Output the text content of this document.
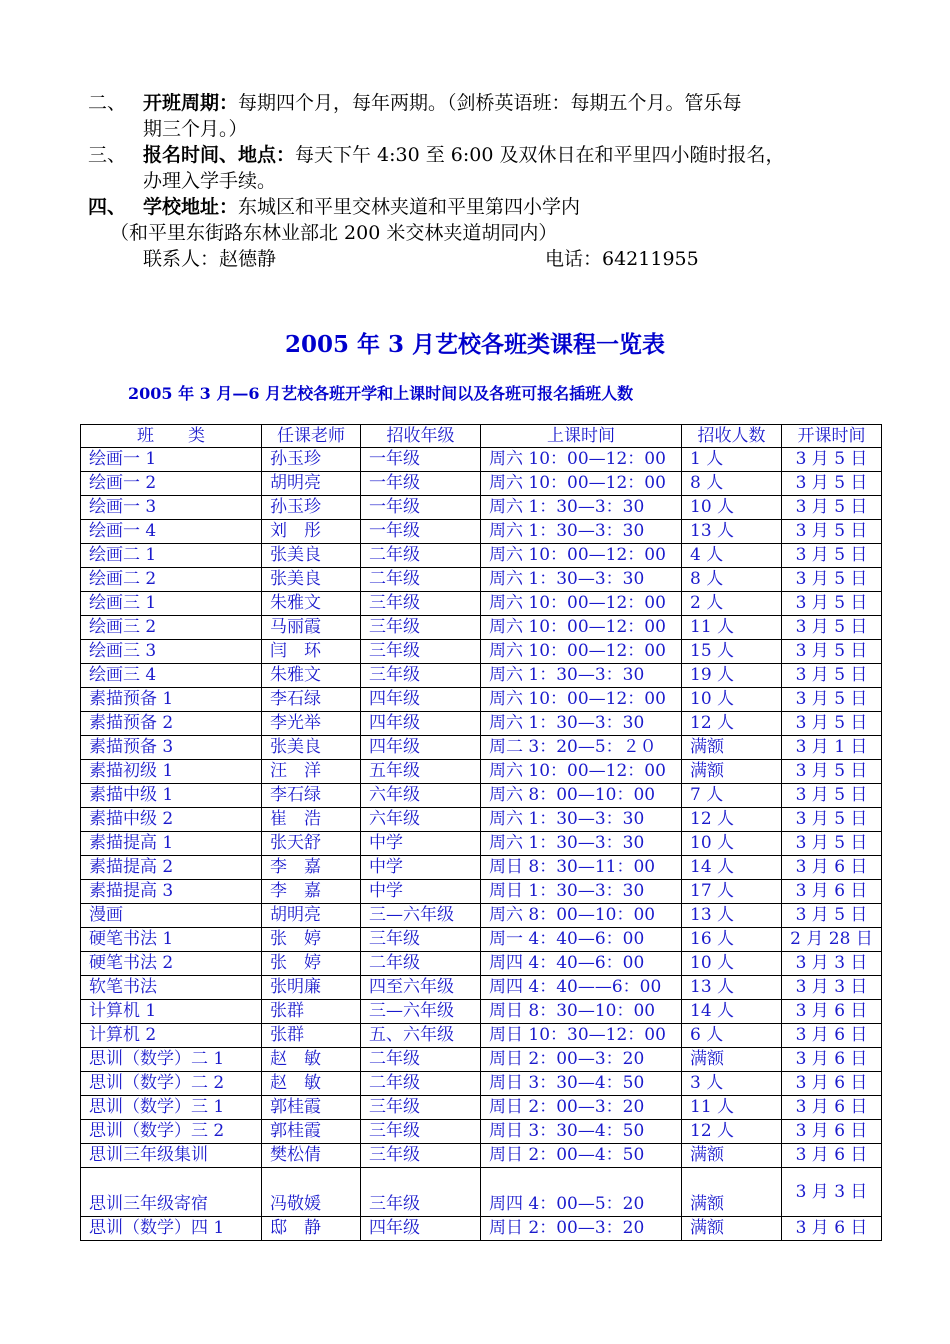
二、 开班周期：每期四个月，每年两期。（剑桥英语班：每期五个月。管乐每
期三个月。）
三、 报名时间、地点：每天下午 4:30 至 6:00 及双休日在和平里四小随时报名，
办理入学手续。
四、 学校地址：东城区和平里交林夹道和平里第四小学内
（和平里东街路东林业部北 200 米交林夹道胡同内）
联系人：赵德静	电话：64211955
2005 年 3 月艺校各班类课程一览表
2005 年 3 月—6 月艺校各班开学和上课时间以及各班可报名插班人数
班　　类	任课老师	招收年级	上课时间	招收人数	开课时间
绘画一 1	孙玉珍	一年级	周六 10：00—12：00	1 人	3 月 5 日
绘画一 2	胡明亮	一年级	周六 10：00—12：00	8 人	3 月 5 日
绘画一 3	孙玉珍	一年级	周六 1：30—3：30	10 人	3 月 5 日
绘画一 4	刘　彤	一年级	周六 1：30—3：30	13 人	3 月 5 日
绘画二 1	张美良	二年级	周六 10：00—12：00	4 人	3 月 5 日
绘画二 2	张美良	二年级	周六 1：30—3：30	8 人	3 月 5 日
绘画三 1	朱雅文	三年级	周六 10：00—12：00	2 人	3 月 5 日
绘画三 2	马丽霞	三年级	周六 10：00—12：00	11 人	3 月 5 日
绘画三 3	闫　环	三年级	周六 10：00—12：00	15 人	3 月 5 日
绘画三 4	朱雅文	三年级	周六 1：30—3：30	19 人	3 月 5 日
素描预备 1	李石绿	四年级	周六 10：00—12：00	10 人	3 月 5 日
素描预备 2	李光举	四年级	周六 1：30—3：30	12 人	3 月 5 日
素描预备 3	张美良	四年级	周二 3：20—5：２０	满额	3 月 1 日
素描初级 1	汪　洋	五年级	周六 10：00—12：00	满额	3 月 5 日
素描中级 1	李石绿	六年级	周六 8：00—10：00	7 人	3 月 5 日
素描中级 2	崔　浩	六年级	周六 1：30—3：30	12 人	3 月 5 日
素描提高 1	张天舒	中学	周六 1：30—3：30	10 人	3 月 5 日
素描提高 2	李　嘉	中学	周日 8：30—11：00	14 人	3 月 6 日
素描提高 3	李　嘉	中学	周日 1：30—3：30	17 人	3 月 6 日
漫画	胡明亮	三—六年级	周六 8：00—10：00	13 人	3 月 5 日
硬笔书法 1	张　婷	三年级	周一 4：40—6：00	16 人	2 月 28 日
硬笔书法 2	张　婷	二年级	周四 4：40—6：00	10 人	3 月 3 日
软笔书法	张明廉	四至六年级	周四 4：40——6：00	13 人	3 月 3 日
计算机 1	张群	三—六年级	周日 8：30—10：00	14 人	3 月 6 日
计算机 2	张群	五、六年级	周日 10：30—12：00	6 人	3 月 6 日
思训（数学）二 1	赵　敏	二年级	周日 2：00—3：20	满额	3 月 6 日
思训（数学）二 2	赵　敏	二年级	周日 3：30—4：50	3 人	3 月 6 日
思训（数学）三 1	郭桂霞	三年级	周日 2：00—3：20	11 人	3 月 6 日
思训（数学）三 2	郭桂霞	三年级	周日 3：30—4：50	12 人	3 月 6 日
思训三年级集训	樊松倩	三年级	周日 2：00—4：50	满额	3 月 6 日
思训三年级寄宿	冯敬媛	三年级	周四 4：00—5：20	满额	3 月 3 日
思训（数学）四 1	邸　静	四年级	周日 2：00—3：20	满额	3 月 6 日
